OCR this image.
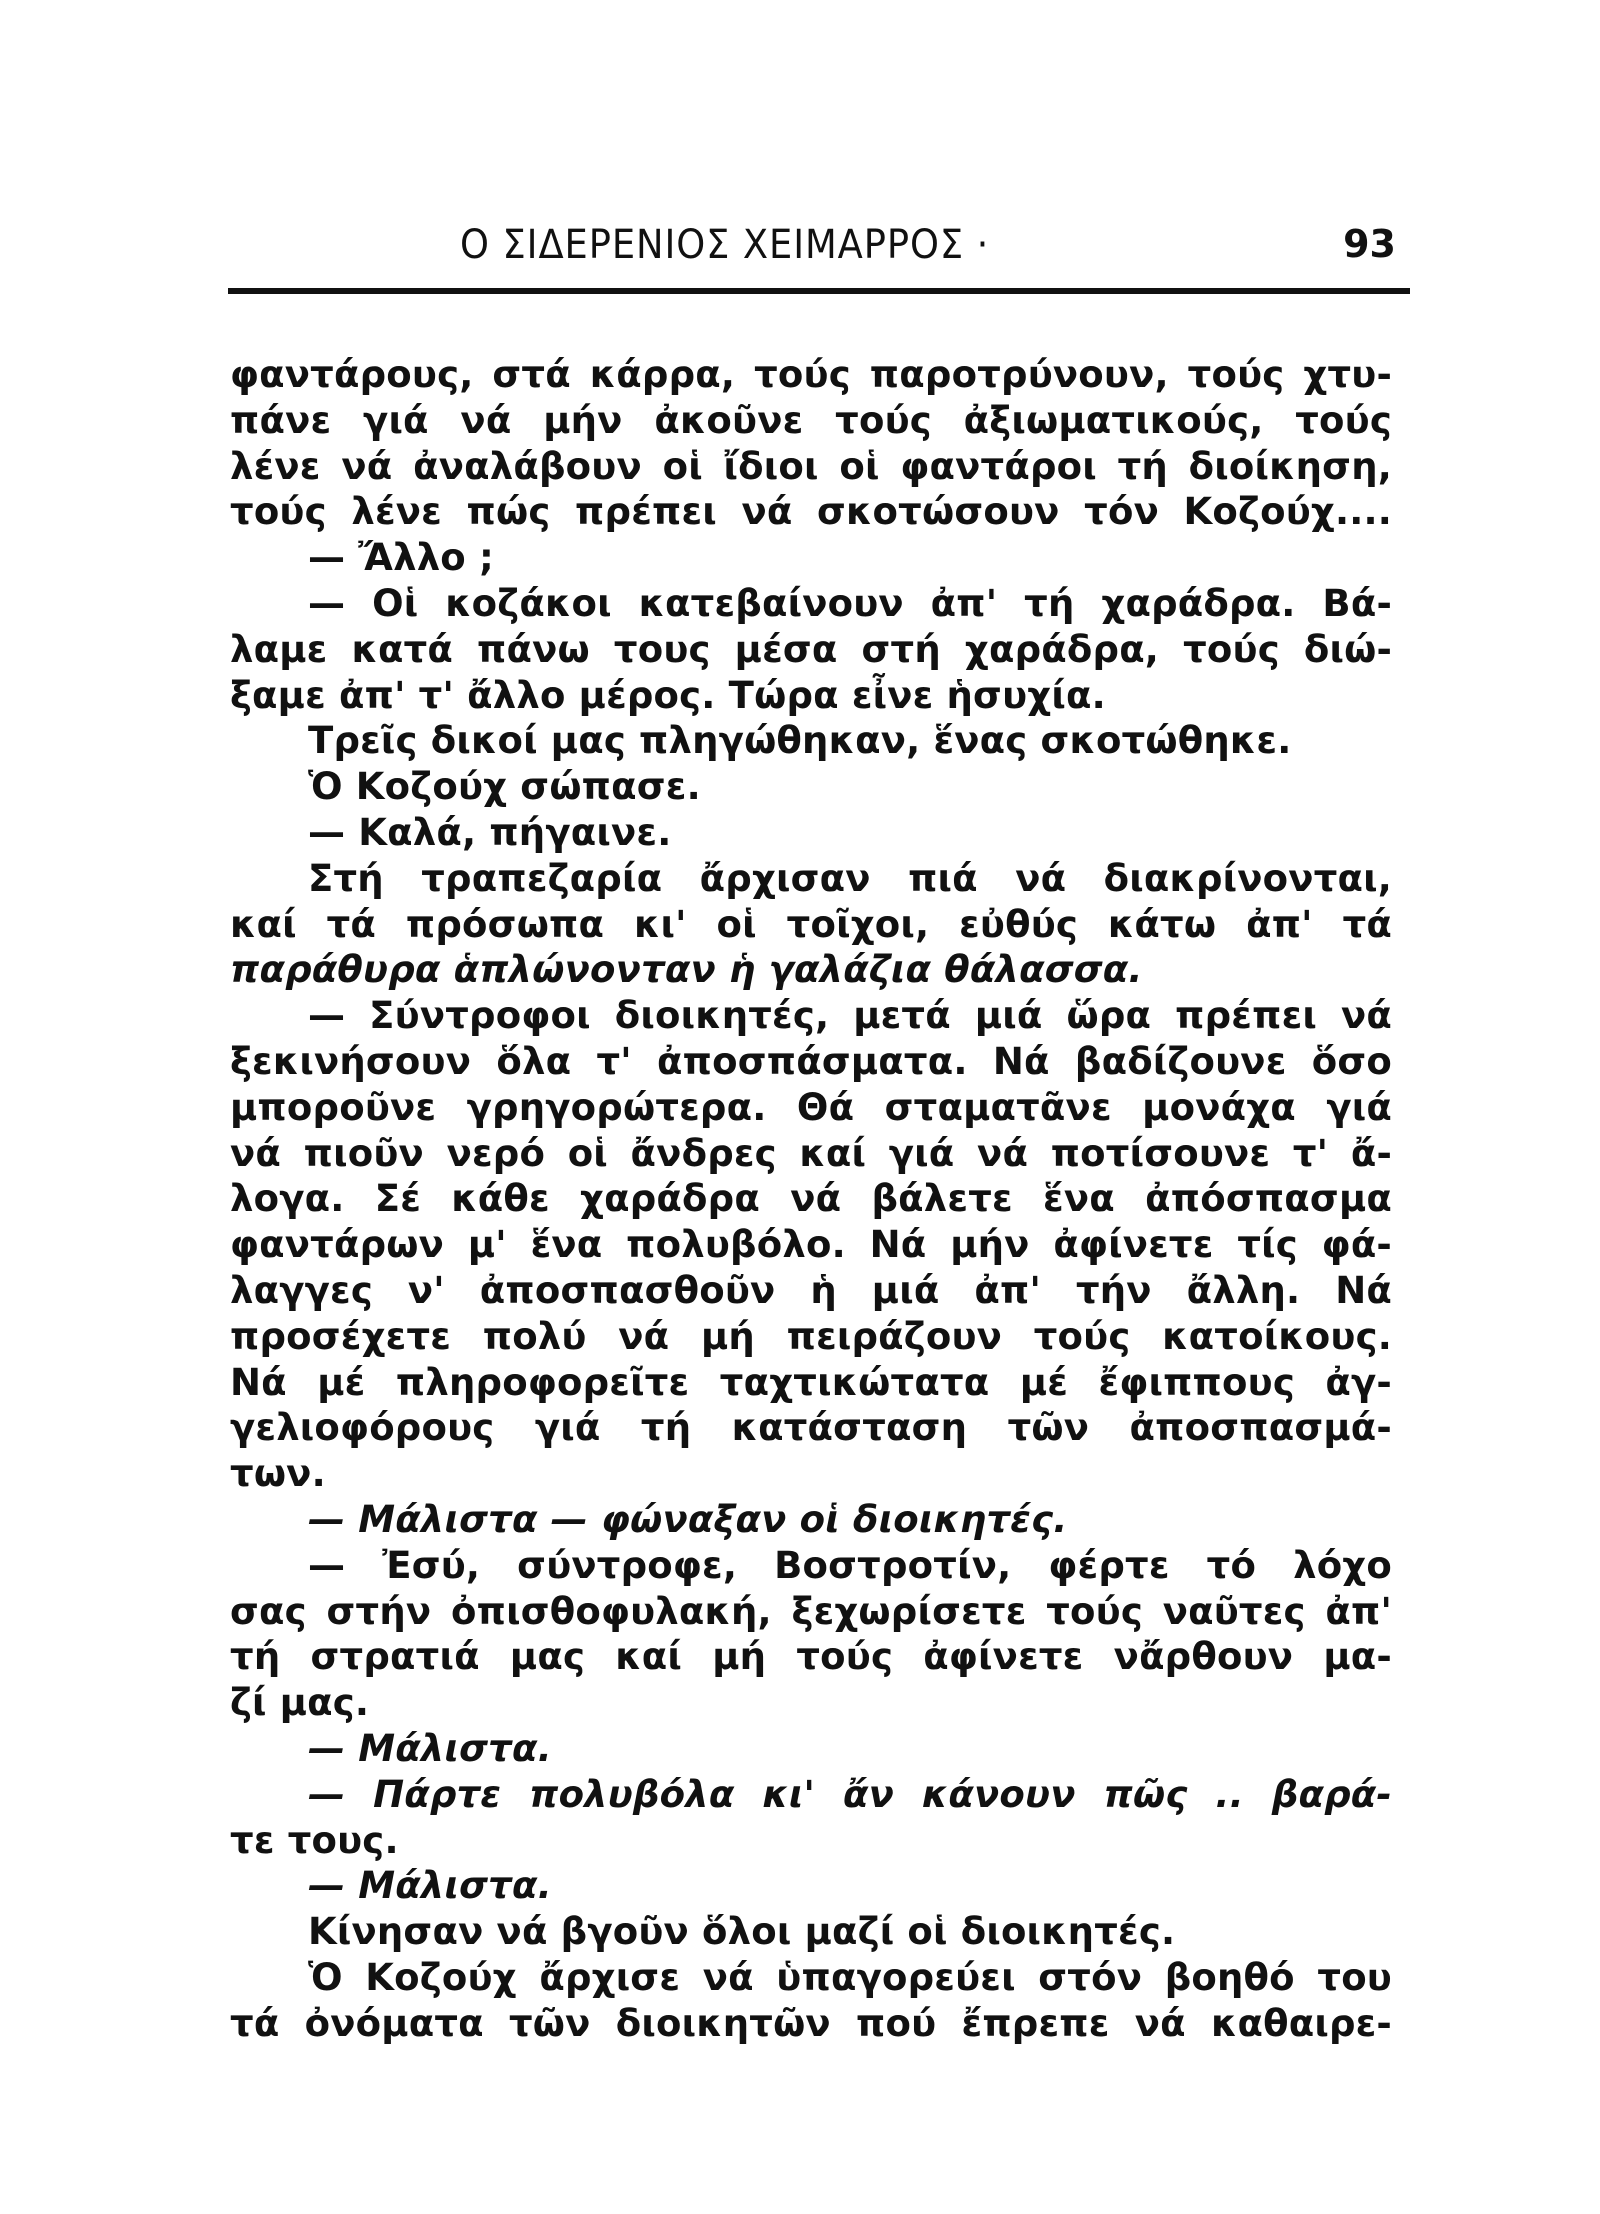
Ο ΣΙΔΕΡΕΝΙΟΣ ΧΕΙΜΑΡΡΟΣ ·	93
φαντάρους, στά κάρρα, τούς παροτρύνουν, τούς χτυ-
πάνε γιά νά μήν ἀκοῦνε τούς ἀξιωματικούς, τούς
λένε νά ἀναλάβουν οἱ ἴδιοι οἱ φαντάροι τή διοίκηση,
τούς λένε πώς πρέπει νά σκοτώσουν τόν Κοζούχ....
— Ἄλλο ;
— Οἱ κοζάκοι κατεβαίνουν ἀπ' τή χαράδρα. Βά-
λαμε κατά πάνω τους μέσα στή χαράδρα, τούς διώ-
ξαμε ἀπ' τ' ἄλλο μέρος. Τώρα εἶνε ἡσυχία.
Τρεῖς δικοί μας πληγώθηκαν, ἕνας σκοτώθηκε.
Ὁ Κοζούχ σώπασε.
— Καλά, πήγαινε.
Στή τραπεζαρία ἄρχισαν πιά νά διακρίνονται,
καί τά πρόσωπα κι' οἱ τοῖχοι, εὐθύς κάτω ἀπ' τά
παράθυρα ἁπλώνονταν ἡ γαλάζια θάλασσα.
— Σύντροφοι διοικητές, μετά μιά ὥρα πρέπει νά
ξεκινήσουν ὅλα τ' ἀποσπάσματα. Νά βαδίζουνε ὅσο
μποροῦνε γρηγορώτερα. Θά σταματᾶνε μονάχα γιά
νά πιοῦν νερό οἱ ἄνδρες καί γιά νά ποτίσουνε τ' ἄ-
λογα. Σέ κάθε χαράδρα νά βάλετε ἕνα ἀπόσπασμα
φαντάρων μ' ἕνα πολυβόλο. Νά μήν ἀφίνετε τίς φά-
λαγγες ν' ἀποσπασθοῦν ἡ μιά ἀπ' τήν ἄλλη. Νά
προσέχετε πολύ νά μή πειράζουν τούς κατοίκους.
Νά μέ πληροφορεῖτε ταχτικώτατα μέ ἔφιππους ἀγ-
γελιοφόρους γιά τή κατάσταση τῶν ἀποσπασμά-
των.
— Μάλιστα — φώναξαν οἱ διοικητές.
— Ἐσύ, σύντροφε, Βοστροτίν, φέρτε τό λόχο
σας στήν ὀπισθοφυλακή, ξεχωρίσετε τούς ναῦτες ἀπ'
τή στρατιά μας καί μή τούς ἀφίνετε νἄρθουν μα-
ζί μας.
— Μάλιστα.
— Πάρτε πολυβόλα κι' ἄν κάνουν πῶς .. βαρά-
τε τους.
— Μάλιστα.
Κίνησαν νά βγοῦν ὅλοι μαζί οἱ διοικητές.
Ὁ Κοζούχ ἄρχισε νά ὑπαγορεύει στόν βοηθό του
τά ὀνόματα τῶν διοικητῶν πού ἔπρεπε νά καθαιρε-
